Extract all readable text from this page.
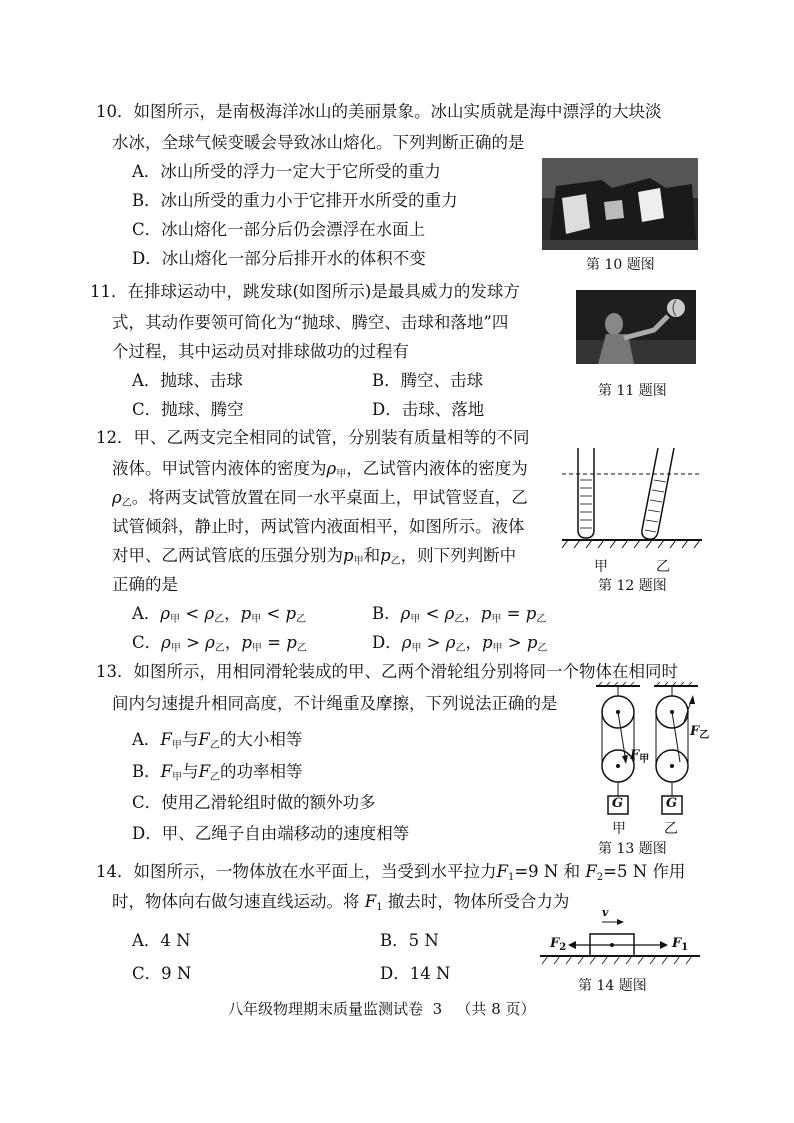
10．如图所示，是南极海洋冰山的美丽景象。冰山实质就是海中漂浮的大块淡
水冰，全球气候变暖会导致冰山熔化。下列判断正确的是
A．冰山所受的浮力一定大于它所受的重力
B．冰山所受的重力小于它排开水所受的重力
C．冰山熔化一部分后仍会漂浮在水面上
D．冰山熔化一部分后排开水的体积不变	第 10 题图
11．在排球运动中，跳发球(如图所示)是最具威力的发球方
式，其动作要领可简化为“抛球、腾空、击球和落地”四
个过程，其中运动员对排球做功的过程有
A．抛球、击球	B．腾空、击球
C．抛球、腾空	D．击球、落地
第 11 题图
12．甲、乙两支完全相同的试管，分别装有质量相等的不同
液体。甲试管内液体的密度为$\rho_甲$，乙试管内液体的密度为
$\rho_乙$。将两支试管放置在同一水平桌面上，甲试管竖直，乙
试管倾斜，静止时，两试管内液面相平，如图所示。液体
对甲、乙两试管底的压强分别为$p_甲$和$p_乙$，则下列判断中
正确的是
A．$\rho_甲 < \rho_乙$，$p_甲 < p_乙$	B．$\rho_甲 < \rho_乙$，$p_甲 = p_乙$
C．$\rho_甲 > \rho_乙$，$p_甲 = p_乙$	D．$\rho_甲 > \rho_乙$，$p_甲 > p_乙$
甲	乙
第 12 题图
13．如图所示，用相同滑轮装成的甲、乙两个滑轮组分别将同一个物体在相同时
间内匀速提升相同高度，不计绳重及摩擦，下列说法正确的是
A．$F_甲$与$F_乙$的大小相等
B．$F_甲$与$F_乙$的功率相等
C．使用乙滑轮组时做的额外功多
D．甲、乙绳子自由端移动的速度相等
G	G
$F_甲$
$F_乙$
甲	乙
第 13 题图
14．如图所示，一物体放在水平面上，当受到水平拉力$F_1=9$ N 和 $F_2=5$ N 作用
时，物体向右做匀速直线运动。将 $F_1$ 撤去时，物体所受合力为
A．4 N	B．5 N
C．9 N	D．14 N
v
$F_2$	$F_1$
第 14 题图
八年级物理期末质量监测试卷 3 （共 8 页）
